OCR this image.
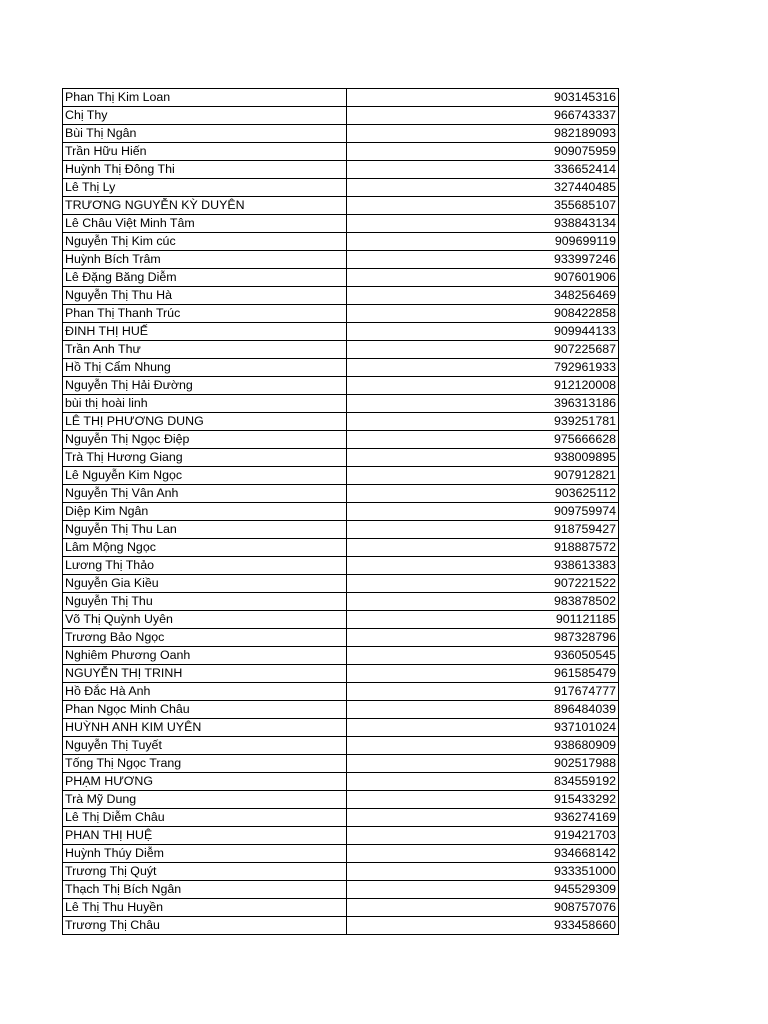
Phan Thị Kim Loan	903145316
Chị Thy	966743337
Bùi Thị Ngân	982189093
Trần Hữu Hiến	909075959
Huỳnh Thị Đông Thi	336652414
Lê Thị Ly	327440485
TRƯƠNG NGUYỄN KỲ DUYÊN	355685107
Lê Châu Việt Minh Tâm	938843134
Nguyễn Thị Kim cúc	909699119
Huỳnh Bích Trâm	933997246
Lê Đặng Băng Diễm	907601906
Nguyễn Thị Thu Hà	348256469
Phan Thị Thanh Trúc	908422858
ĐINH THỊ HUẾ	909944133
Trần Anh Thư	907225687
Hồ Thị Cẩm Nhung	792961933
Nguyễn Thị Hải Đường	912120008
bùi thị hoài linh	396313186
LÊ THỊ PHƯƠNG DUNG	939251781
Nguyễn Thị Ngọc Điệp	975666628
Trà Thị Hương Giang	938009895
Lê Nguyễn Kim Ngọc	907912821
Nguyễn Thị Vân Anh	903625112
Diệp Kim Ngân	909759974
Nguyễn Thị Thu Lan	918759427
Lâm Mộng Ngọc	918887572
Lương Thị Thảo	938613383
Nguyễn Gia Kiều	907221522
Nguyễn Thị Thu	983878502
Võ Thị Quỳnh Uyên	901121185
Trương Bảo Ngọc	987328796
Nghiêm Phương Oanh	936050545
NGUYỄN THỊ TRINH	961585479
Hồ Đắc Hà Anh	917674777
Phan Ngọc Minh Châu	896484039
HUỲNH ANH KIM UYÊN	937101024
Nguyễn Thị Tuyết	938680909
Tống Thị Ngọc Trang	902517988
PHẠM HƯƠNG	834559192
Trà Mỹ Dung	915433292
Lê Thị Diễm Châu	936274169
PHAN THỊ HUỆ	919421703
Huỳnh Thúy Diễm	934668142
Trương Thị Quýt	933351000
Thạch Thị Bích Ngân	945529309
Lê Thị Thu Huyền	908757076
Trương Thị Châu	933458660
